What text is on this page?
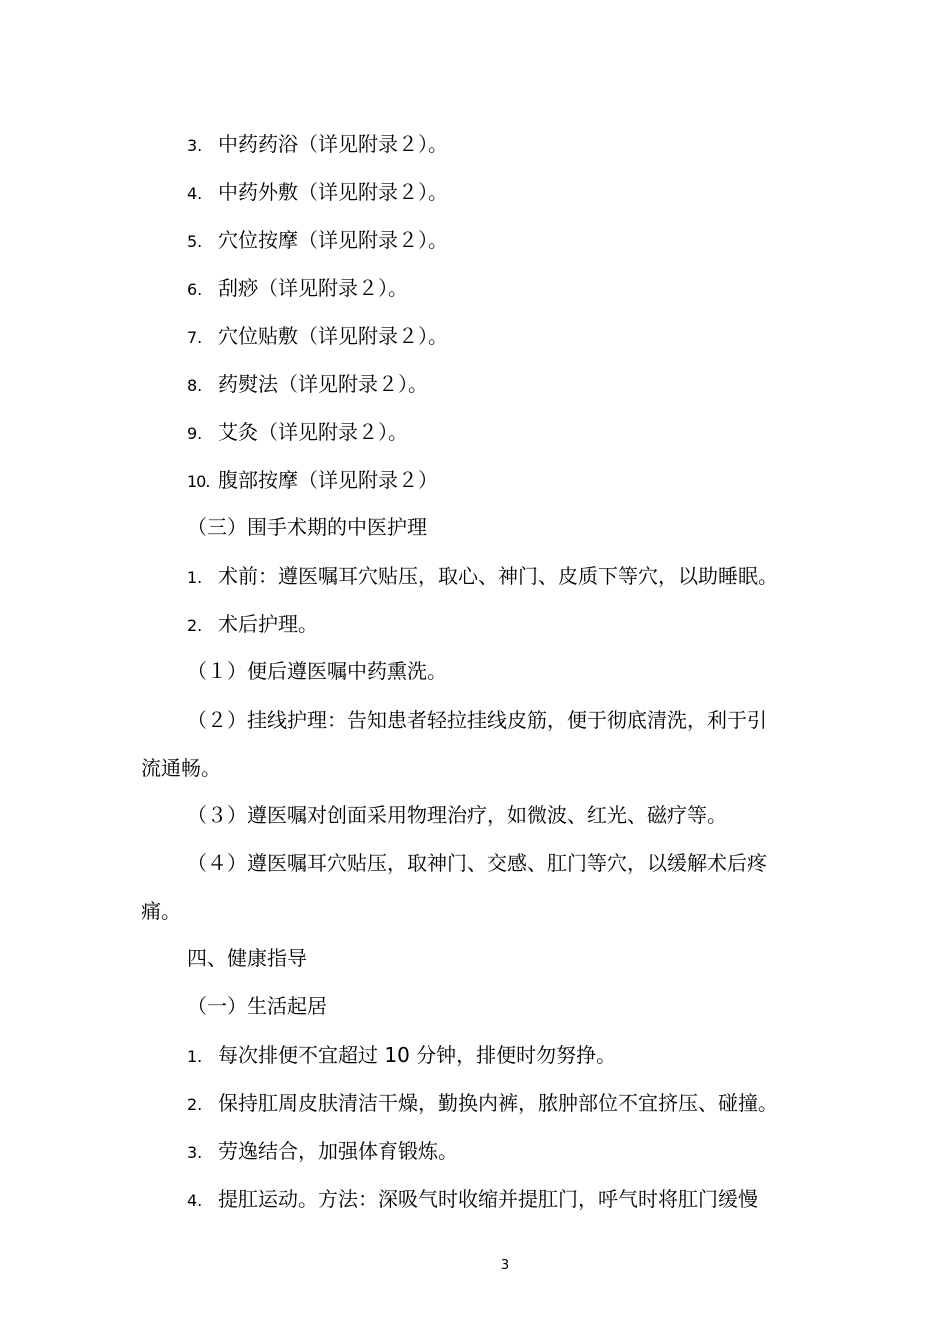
3. 中药药浴（详见附录２）。
4. 中药外敷（详见附录２）。
5. 穴位按摩（详见附录２）。
6. 刮痧（详见附录２）。
7. 穴位贴敷（详见附录２）。
8. 药熨法（详见附录２）。
9. 艾灸（详见附录２）。
10. 腹部按摩（详见附录２）
（三）围手术期的中医护理
1. 术前：遵医嘱耳穴贴压，取心、神门、皮质下等穴，以助睡眠。
2. 术后护理。
（１）便后遵医嘱中药熏洗。
（２）挂线护理：告知患者轻拉挂线皮筋，便于彻底清洗，利于引
流通畅。
（３）遵医嘱对创面采用物理治疗，如微波、红光、磁疗等。
（４）遵医嘱耳穴贴压，取神门、交感、肛门等穴，以缓解术后疼
痛。
四、健康指导
（一）生活起居
1. 每次排便不宜超过 10 分钟，排便时勿努挣。
2. 保持肛周皮肤清洁干燥，勤换内裤，脓肿部位不宜挤压、碰撞。
3. 劳逸结合，加强体育锻炼。
4. 提肛运动。方法：深吸气时收缩并提肛门，呼气时将肛门缓慢
3
